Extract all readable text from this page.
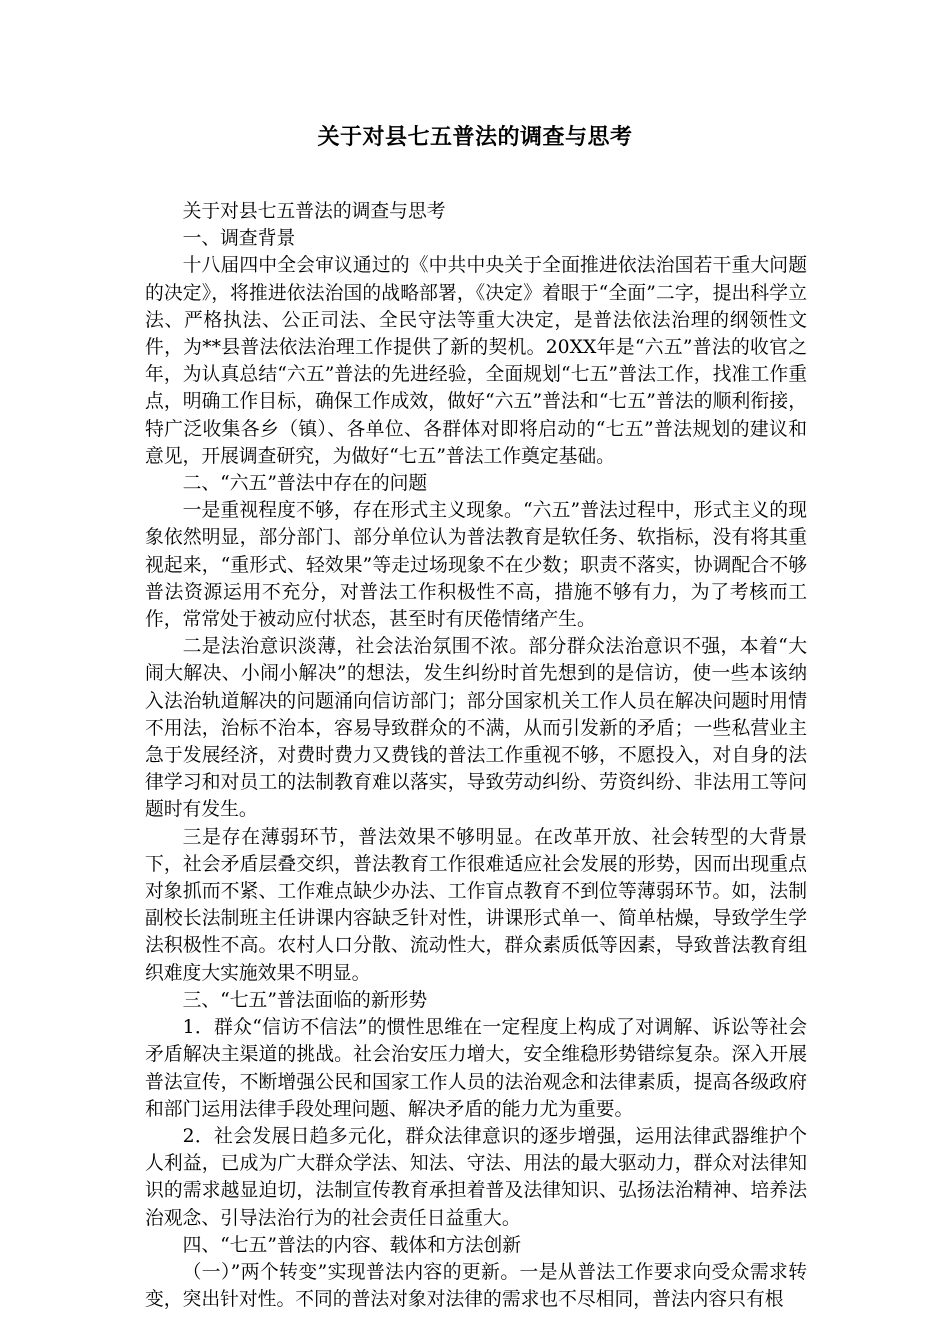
关于对县七五普法的调查与思考

关于对县七五普法的调查与思考

一、调查背景

十八届四中全会审议通过的《中共中央关于全面推进依法治国若干重大问题的决定》，将推进依法治国的战略部署，《决定》着眼于“全面”二字，提出科学立法、严格执法、公正司法、全民守法等重大决定，是普法依法治理的纲领性文件，为**县普法依法治理工作提供了新的契机。20XX年是“六五”普法的收官之年，为认真总结“六五”普法的先进经验，全面规划“七五”普法工作，找准工作重点，明确工作目标，确保工作成效，做好“六五”普法和“七五”普法的顺利衔接，特广泛收集各乡（镇）、各单位、各群体对即将启动的“七五”普法规划的建议和意见，开展调查研究，为做好“七五”普法工作奠定基础。

二、“六五”普法中存在的问题

一是重视程度不够，存在形式主义现象。“六五”普法过程中，形式主义的现象依然明显，部分部门、部分单位认为普法教育是软任务、软指标，没有将其重视起来，“重形式、轻效果”等走过场现象不在少数；职责不落实，协调配合不够普法资源运用不充分，对普法工作积极性不高，措施不够有力，为了考核而工作，常常处于被动应付状态，甚至时有厌倦情绪产生。

二是法治意识淡薄，社会法治氛围不浓。部分群众法治意识不强，本着“大闹大解决、小闹小解决”的想法，发生纠纷时首先想到的是信访，使一些本该纳入法治轨道解决的问题涌向信访部门；部分国家机关工作人员在解决问题时用情不用法，治标不治本，容易导致群众的不满，从而引发新的矛盾；一些私营业主急于发展经济，对费时费力又费钱的普法工作重视不够，不愿投入，对自身的法律学习和对员工的法制教育难以落实，导致劳动纠纷、劳资纠纷、非法用工等问题时有发生。

三是存在薄弱环节，普法效果不够明显。在改革开放、社会转型的大背景下，社会矛盾层叠交织，普法教育工作很难适应社会发展的形势，因而出现重点对象抓而不紧、工作难点缺少办法、工作盲点教育不到位等薄弱环节。如，法制副校长法制班主任讲课内容缺乏针对性，讲课形式单一、简单枯燥，导致学生学法积极性不高。农村人口分散、流动性大，群众素质低等因素，导致普法教育组织难度大实施效果不明显。

三、“七五”普法面临的新形势

1．群众“信访不信法”的惯性思维在一定程度上构成了对调解、诉讼等社会矛盾解决主渠道的挑战。社会治安压力增大，安全维稳形势错综复杂。深入开展普法宣传，不断增强公民和国家工作人员的法治观念和法律素质，提高各级政府和部门运用法律手段处理问题、解决矛盾的能力尤为重要。

2．社会发展日趋多元化，群众法律意识的逐步增强，运用法律武器维护个人利益，已成为广大群众学法、知法、守法、用法的最大驱动力，群众对法律知识的需求越显迫切，法制宣传教育承担着普及法律知识、弘扬法治精神、培养法治观念、引导法治行为的社会责任日益重大。

四、“七五”普法的内容、载体和方法创新

（一）”两个转变”实现普法内容的更新。一是从普法工作要求向受众需求转变，突出针对性。不同的普法对象对法律的需求也不尽相同，普法内容只有根
